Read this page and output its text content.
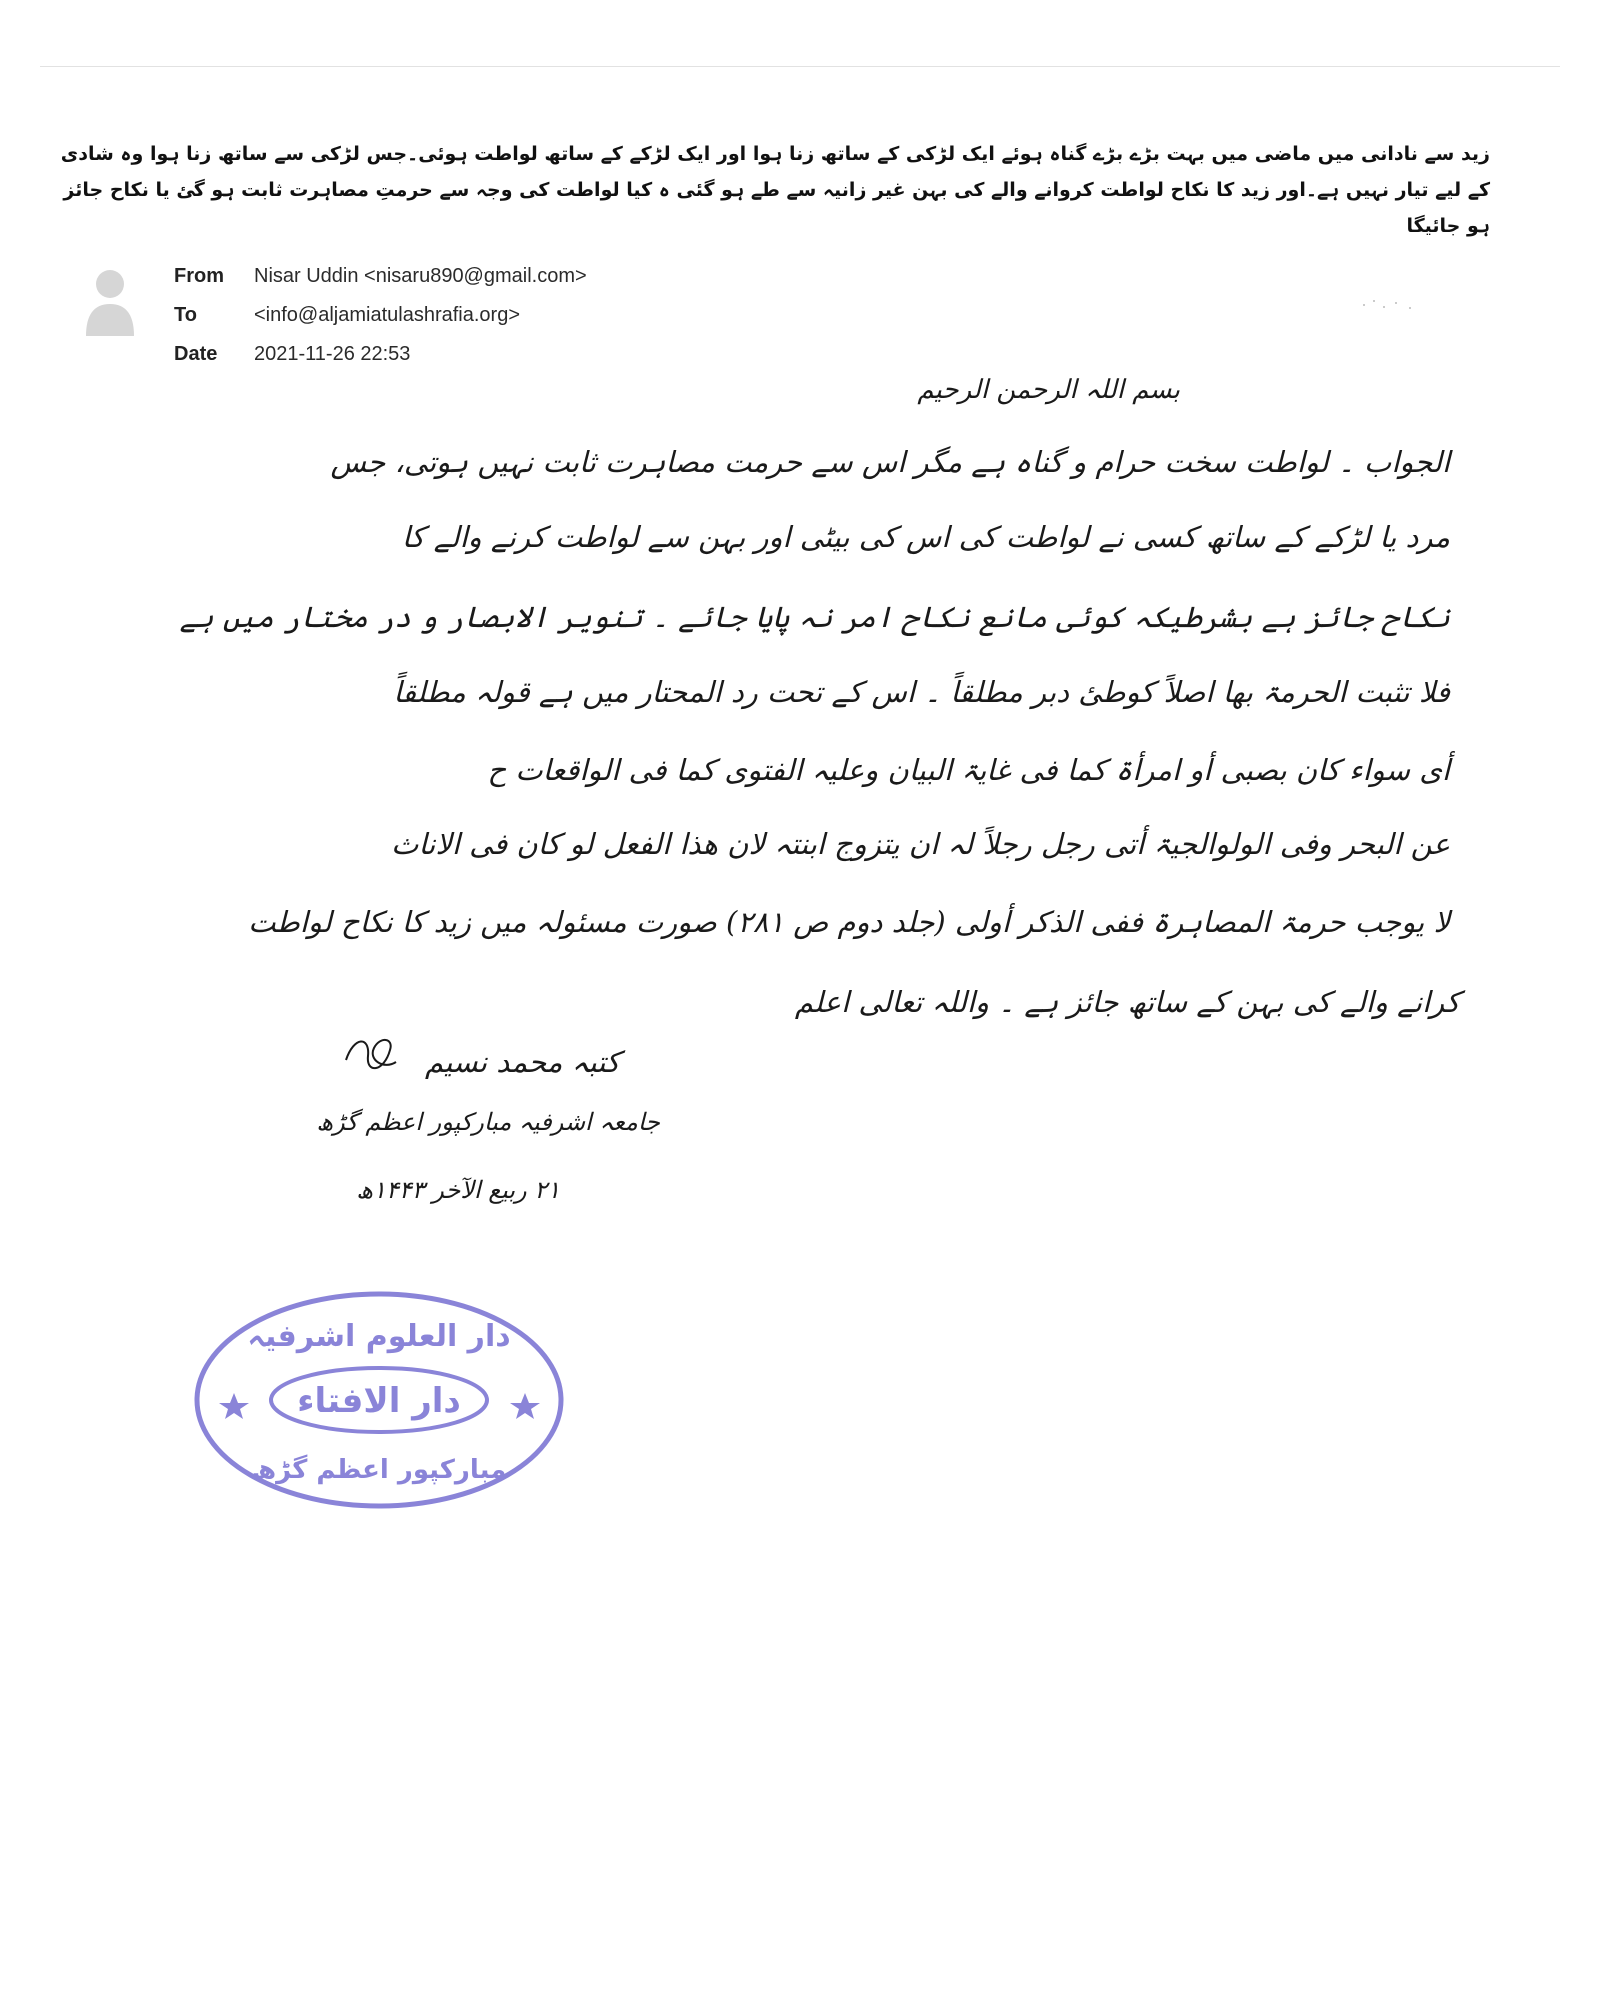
زید سے نادانی میں ماضی میں بہت بڑے بڑے گناہ ہوئے ایک لڑکی کے ساتھ زنا ہوا اور ایک لڑکے کے ساتھ لواطت ہوئی۔جس لڑکی سے ساتھ زنا ہوا وہ شادی کے لیے تیار نہیں ہے۔اور زید کا نکاح لواطت کروانے والے کی بہن غیر زانیہ سے طے ہو گئی ہ کیا لواطت کی وجہ سے حرمتِ مصاہرت ثابت ہو گئ یا نکاح جائز ہو جائیگا
From	Nisar Uddin <nisaru890@gmail.com>
To	<info@aljamiatulashrafia.org>
Date	2021-11-26 22:53
بسم اللہ الرحمن الرحیم
الجواب ۔ لواطت سخت حرام و گناہ ہے مگر اس سے حرمت مصاہرت ثابت نہیں ہوتی، جس
مرد یا لڑکے کے ساتھ کسی نے لواطت کی اس کی بیٹی اور بہن سے لواطت کرنے والے کا
نکاح جائز ہے بشرطیکہ کوئی مانع نکاح امر نہ پایا جائے ۔ تنویر الابصار و در مختار میں ہے
فلا تثبت الحرمۃ بھا اصلاً کوطیٔ دبر مطلقاً ۔ اس کے تحت رد المحتار میں ہے قولہ مطلقاً
أی سواء کان بصبی أو امرأۃ کما فی غایۃ البیان وعلیہ الفتوی کما فی الواقعات ح
عن البحر وفی الولوالجیۃ أتی رجل رجلاً لہ ان یتزوج ابنتہ لان ھذا الفعل لو کان فی الاناث
لا یوجب حرمۃ المصاہرۃ ففی الذکر أولی (جلد دوم ص ۲۸۱) صورت مسئولہ میں زید کا نکاح لواطت
کرانے والے کی بہن کے ساتھ جائز ہے ۔ واللہ تعالی اعلم
کتبہ محمد نسیم
جامعہ اشرفیہ مبارکپور اعظم گڑھ
۲۱ ربیع الآخر ۱۴۴۳ھ
دار العلوم اشرفیہ
دار الافتاء
مبارکپور اعظم گڑھ
